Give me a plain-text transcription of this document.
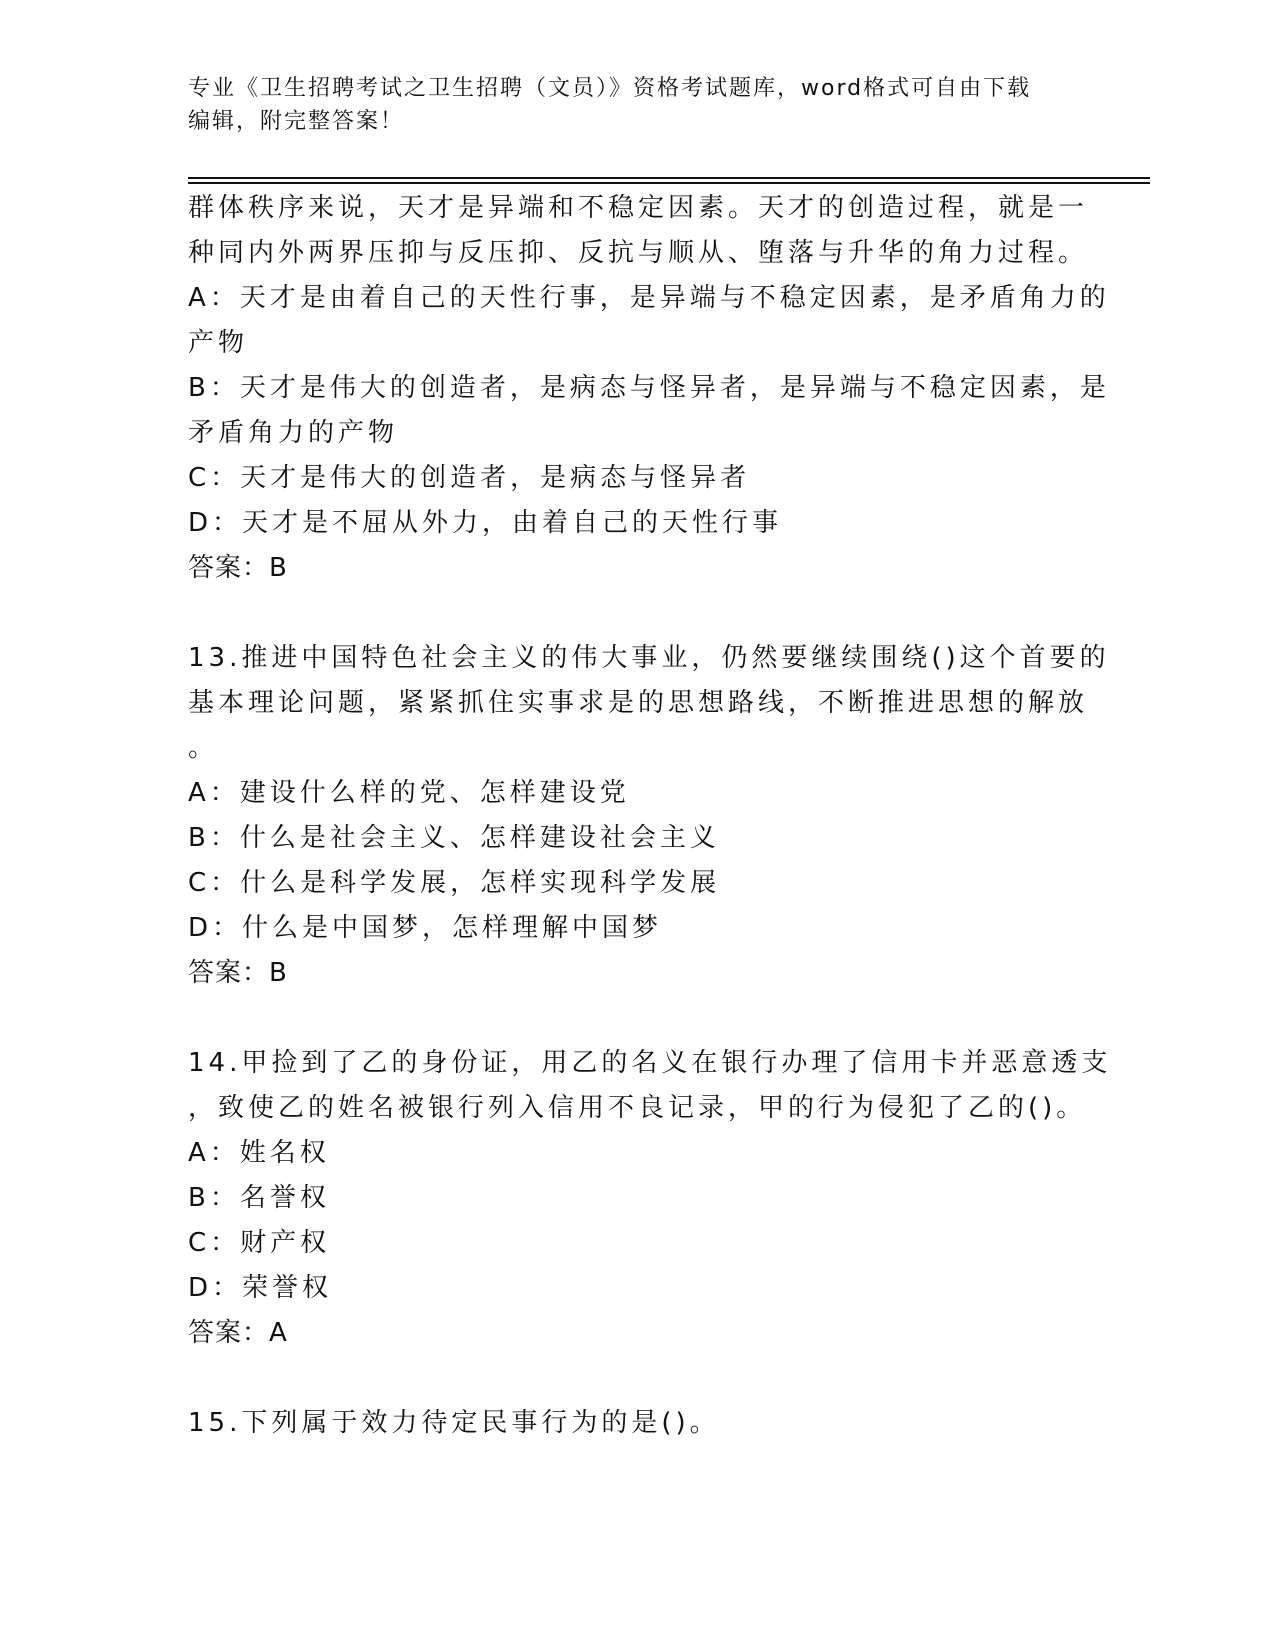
专业《卫生招聘考试之卫生招聘（文员）》资格考试题库，word格式可自由下载
编辑，附完整答案！
群体秩序来说，天才是异端和不稳定因素。天才的创造过程，就是一
种同内外两界压抑与反压抑、反抗与顺从、堕落与升华的角力过程。
A：天才是由着自己的天性行事，是异端与不稳定因素，是矛盾角力的
产物
B：天才是伟大的创造者，是病态与怪异者，是异端与不稳定因素，是
矛盾角力的产物
C：天才是伟大的创造者，是病态与怪异者
D：天才是不屈从外力，由着自己的天性行事
答案：B
13.推进中国特色社会主义的伟大事业，仍然要继续围绕()这个首要的
基本理论问题，紧紧抓住实事求是的思想路线，不断推进思想的解放
。
A：建设什么样的党、怎样建设党
B：什么是社会主义、怎样建设社会主义
C：什么是科学发展，怎样实现科学发展
D：什么是中国梦，怎样理解中国梦
答案：B
14.甲捡到了乙的身份证，用乙的名义在银行办理了信用卡并恶意透支
，致使乙的姓名被银行列入信用不良记录，甲的行为侵犯了乙的()。
A：姓名权
B：名誉权
C：财产权
D：荣誉权
答案：A
15.下列属于效力待定民事行为的是()。
